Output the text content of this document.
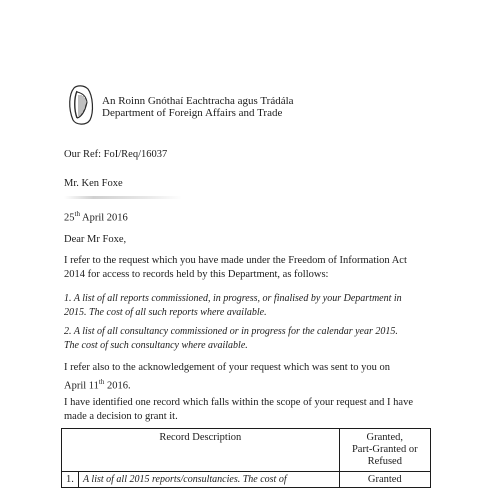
An Roinn Gnóthaí Eachtracha agus Trádála
Department of Foreign Affairs and Trade
Our Ref: FoI/Req/16037
Mr. Ken Foxe
25th April 2016
Dear Mr Foxe,
I refer to the request which you have made under the Freedom of Information Act 2014 for access to records held by this Department, as follows:
1. A list of all reports commissioned, in progress, or finalised by your Department in 2015. The cost of all such reports where available.
2. A list of all consultancy commissioned or in progress for the calendar year 2015. The cost of such consultancy where available.
I refer also to the acknowledgement of your request which was sent to you on April 11th 2016.
I have identified one record which falls within the scope of your request and I have made a decision to grant it.
Record Description		Granted,
Part-Granted or
Refused

1.	A list of all 2015 reports/consultancies. The cost of	Granted
